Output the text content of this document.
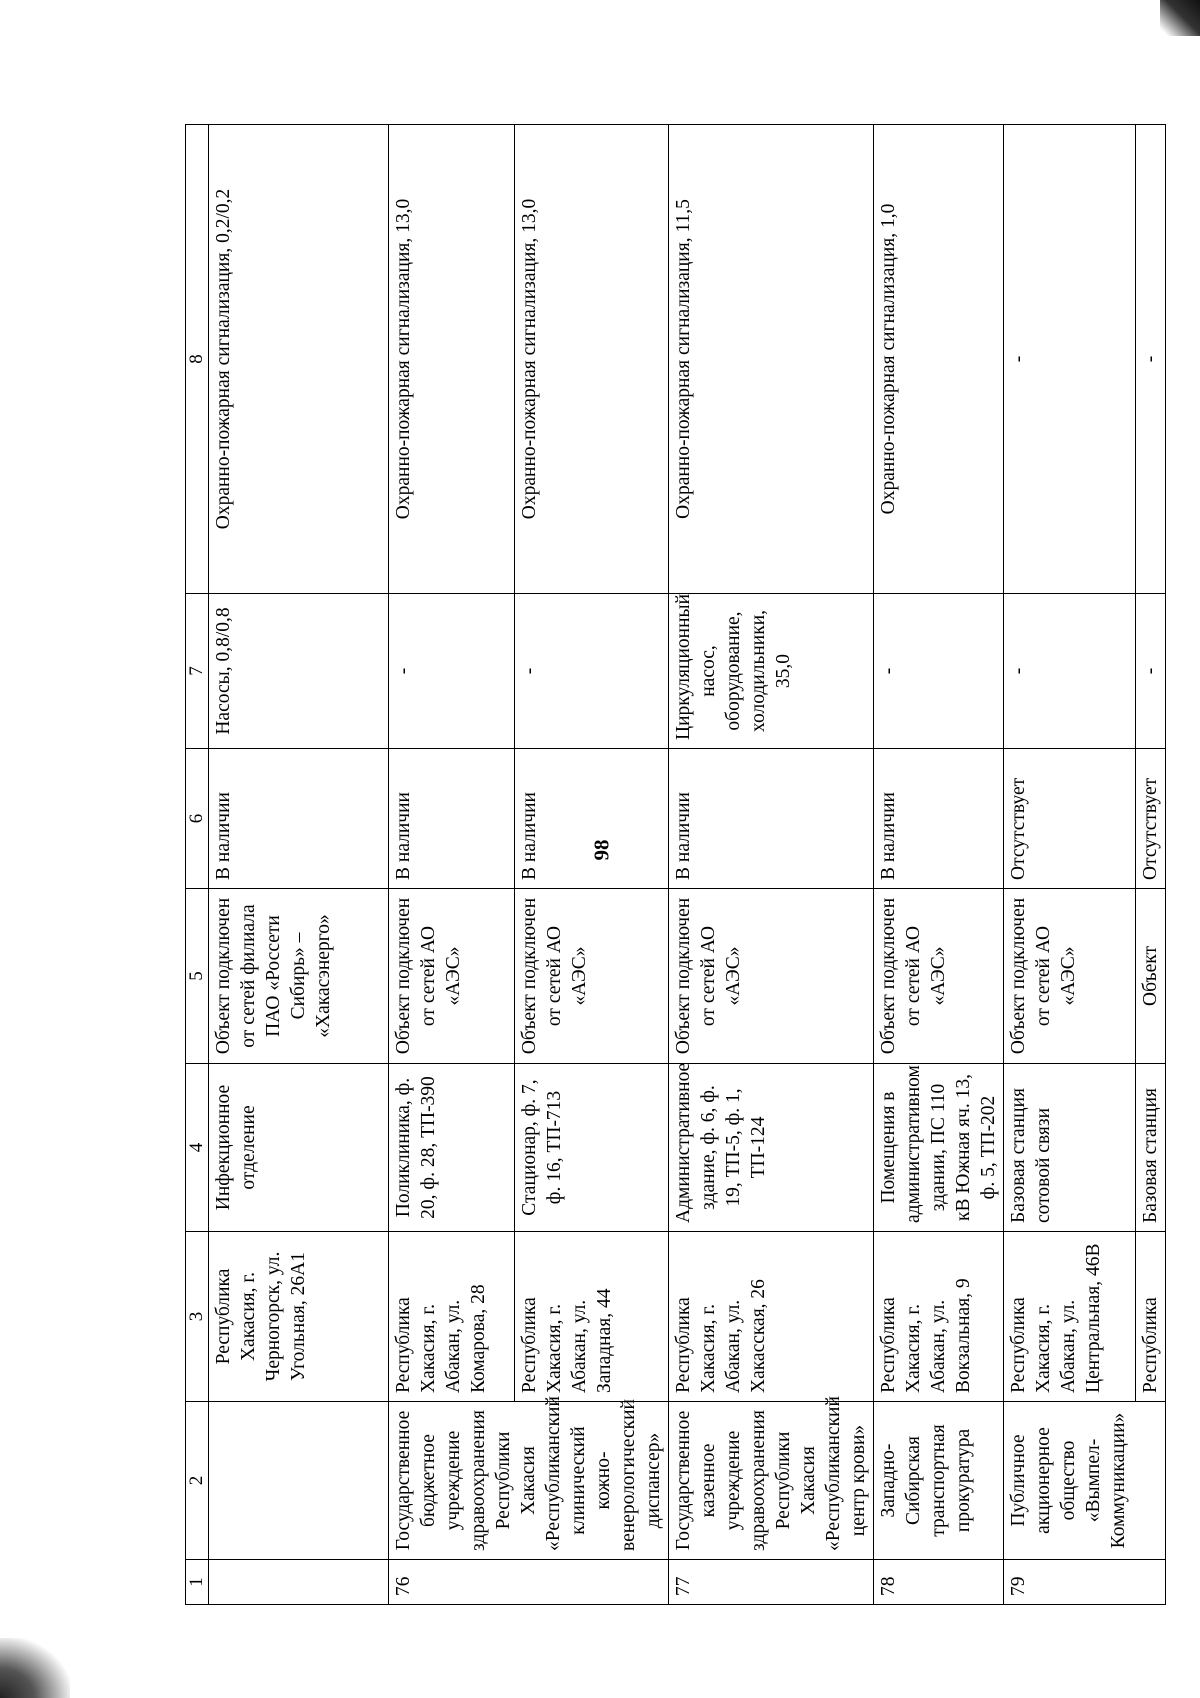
98
1	2	3	4	5	6	7	8
		Республика Хакасия, г. Черногорск, ул. Угольная, 26А1	Инфекционное отделение	Объект подключен от сетей филиала ПАО «Россети Сибирь» – «Хакасэнерго»	В наличии	Насосы, 0,8/0,8	Охранно-пожарная сигнализация, 0,2/0,2
76	Государственное бюджетное учреждение здравоохранения Республики Хакасия «Республиканский клинический кожно-венерологический диспансер»	Республика Хакасия, г. Абакан, ул. Комарова, 28	Поликлиника, ф. 20, ф. 28, ТП-390	Объект подключен от сетей АО «АЭС»	В наличии	-	Охранно-пожарная сигнализация, 13,0
		Республика Хакасия, г. Абакан, ул. Западная, 44	Стационар, ф. 7, ф. 16, ТП-713	Объект подключен от сетей АО «АЭС»	В наличии	-	Охранно-пожарная сигнализация, 13,0
77	Государственное казенное учреждение здравоохранения Республики Хакасия «Республиканский центр крови»	Республика Хакасия, г. Абакан, ул. Хакасская, 26	Административное здание, ф. 6, ф. 19, ТП-5, ф. 1, ТП-124	Объект подключен от сетей АО «АЭС»	В наличии	Циркуляционный насос, оборудование, холодильники, 35,0	Охранно-пожарная сигнализация, 11,5
78	Западно-Сибирская транспортная прокуратура	Республика Хакасия, г. Абакан, ул. Вокзальная, 9	Помещения в административном здании, ПС 110 кВ Южная яч. 13, ф. 5, ТП-202	Объект подключен от сетей АО «АЭС»	В наличии	-	Охранно-пожарная сигнализация, 1,0
79	Публичное акционерное общество «Вымпел-Коммуникации»	Республика Хакасия, г. Абакан, ул. Центральная, 46В	Базовая станция сотовой связи	Объект подключен от сетей АО «АЭС»	Отсутствует	-	-
		Республика	Базовая станция	Объект	Отсутствует	-	-
